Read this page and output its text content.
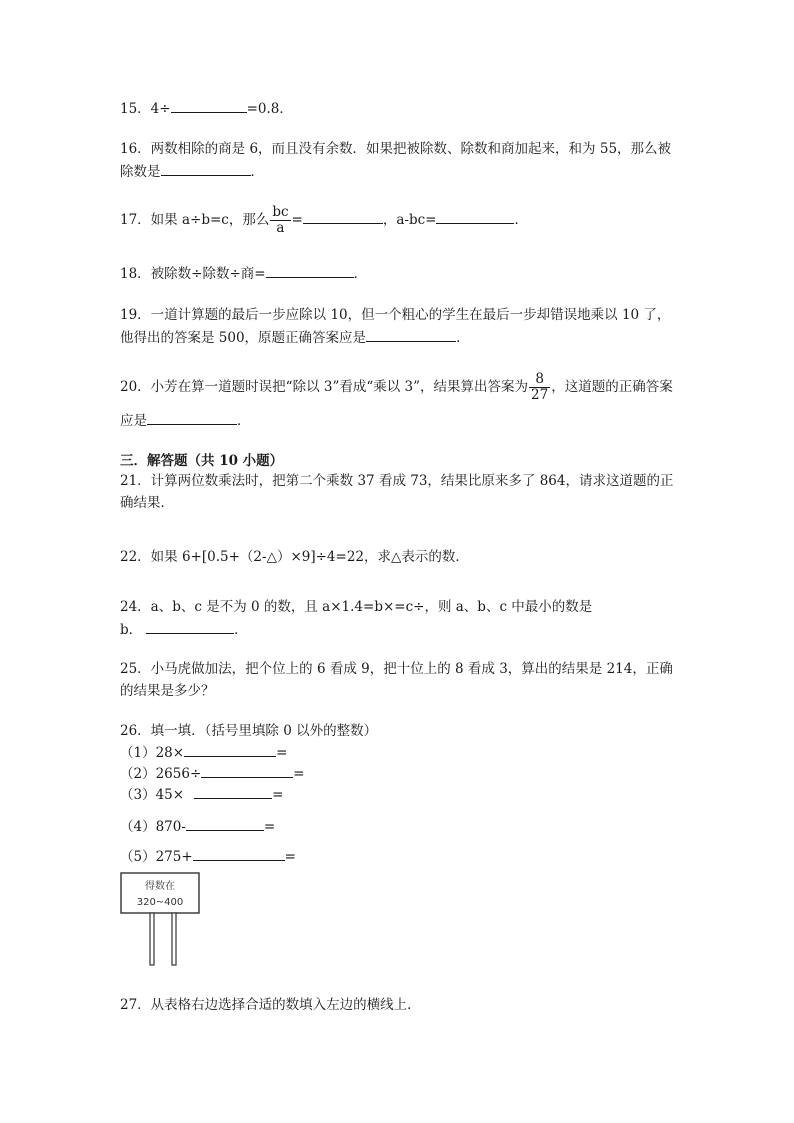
15．4÷	=0.8．
16．两数相除的商是 6，而且没有余数．如果把被除数、除数和商加起来，和为 55，那么被
除数是	．
17．如果 a÷b=c，那么 $\frac{bc}{a}$ =	，a-bc=	．
18．被除数÷除数÷商=	．
19．一道计算题的最后一步应除以 10，但一个粗心的学生在最后一步却错误地乘以 10 了，
他得出的答案是 500，原题正确答案应是	．
20．小芳在算一道题时误把“除以 3”看成“乘以 3”，结果算出答案为 $\frac{8}{27}$ ，这道题的正确答案
应是	．
三．解答题（共 10 小题）
21．计算两位数乘法时，把第二个乘数 37 看成 73，结果比原来多了 864，请求这道题的正
确结果．
22．如果 6+[0.5+（2-△）×9]÷4=22，求△表示的数．
24．a、b、c 是不为 0 的数，且 a×1.4=b×=c÷，则 a、b、c 中最小的数是
b．	．
25．小马虎做加法，把个位上的 6 看成 9，把十位上的 8 看成 3，算出的结果是 214，正确
的结果是多少？
26．填一填．（括号里填除 0 以外的整数）
（1）28×	=
（2）2656÷	=
（3）45×	=
（4）870-	=
（5）275+	=
得数在
320~400
27．从表格右边选择合适的数填入左边的横线上．
